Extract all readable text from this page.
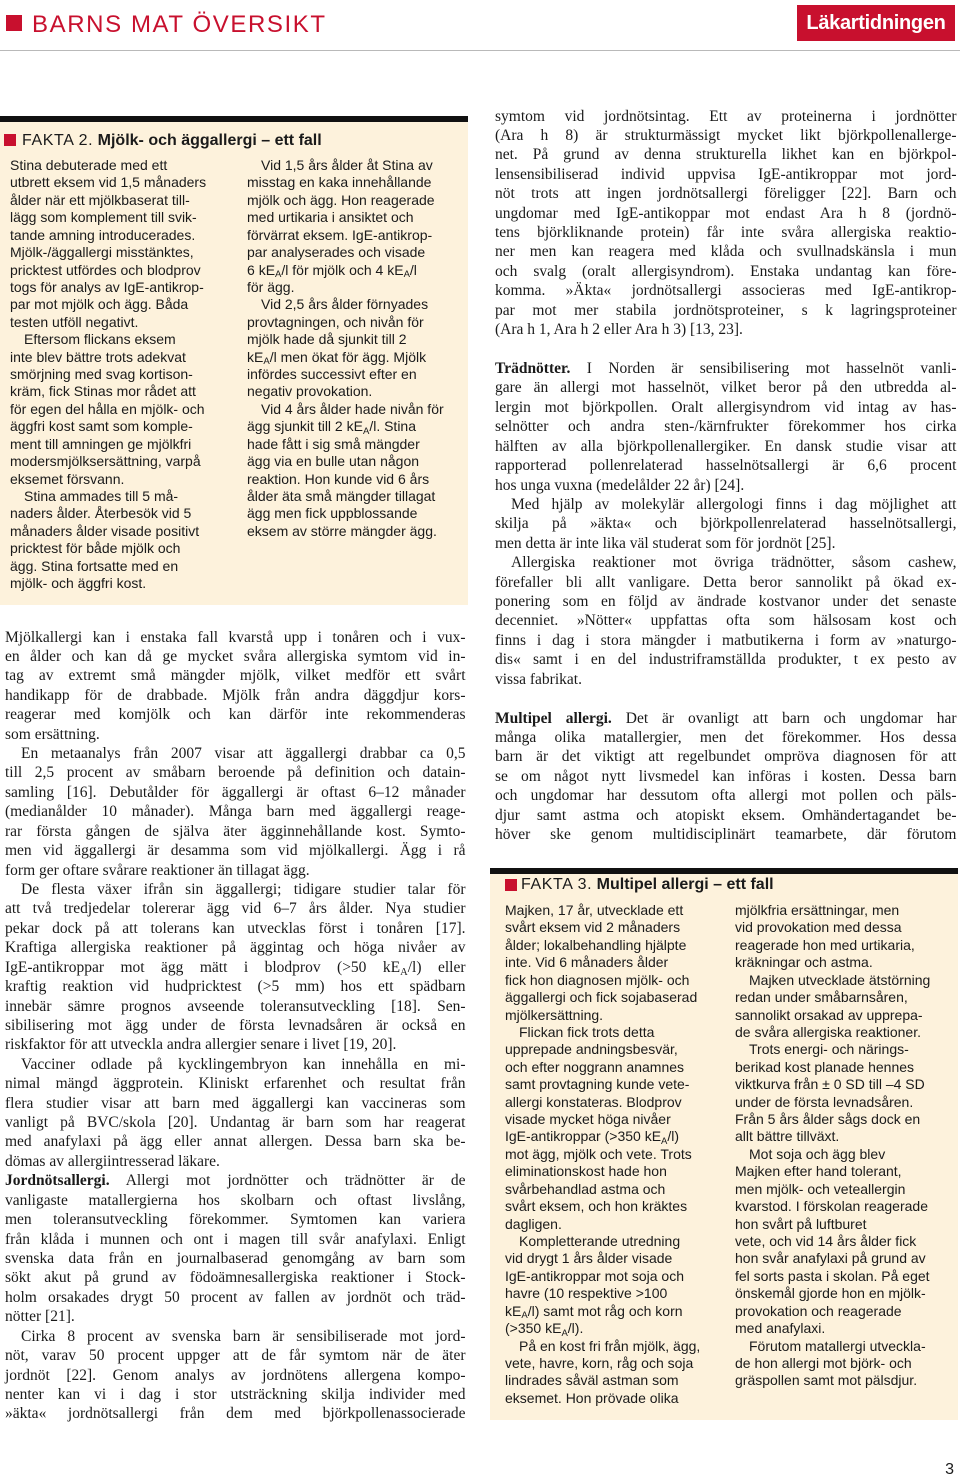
BARNS MAT ÖVERSIKT	Läkartidningen
FAKTA 2. Mjölk- och äggallergi – ett fall
Stina debuterade med ett
utbrett eksem vid 1,5 månaders
ålder när ett mjölkbaserat till-
lägg som komplement till svik-
tande amning introducerades.
Mjölk-/äggallergi misstänktes,
pricktest utfördes och blodprov
togs för analys av IgE-antikrop-
par mot mjölk och ägg. Båda
testen utföll negativt.
Eftersom flickans eksem
inte blev bättre trots adekvat
smörjning med svag kortison-
kräm, fick Stinas mor rådet att
för egen del hålla en mjölk- och
äggfri kost samt som komple-
ment till amningen ge mjölkfri
modersmjölksersättning, varpå
eksemet försvann.
Stina ammades till 5 må-
naders ålder. Återbesök vid 5
månaders ålder visade positivt
pricktest för både mjölk och
ägg. Stina fortsatte med en
mjölk- och äggfri kost.
Vid 1,5 års ålder åt Stina av
misstag en kaka innehållande
mjölk och ägg. Hon reagerade
med urtikaria i ansiktet och
förvärrat eksem. IgE-antikrop-
par analyserades och visade
6 $kE_A/l$ för mjölk och 4 $kE_A/l$
för ägg.
Vid 2,5 års ålder förnyades
provtagningen, och nivån för
mjölk hade då sjunkit till 2
$kE_A/l$ men ökat för ägg. Mjölk
infördes successivt efter en
negativ provokation.
Vid 4 års ålder hade nivån för
ägg sjunkit till 2 $kE_A/l$. Stina
hade fått i sig små mängder
ägg via en bulle utan någon
reaktion. Hon kunde vid 6 års
ålder äta små mängder tillagat
ägg men fick uppblossande
eksem av större mängder ägg.
Mjölkallergi kan i enstaka fall kvarstå upp i tonåren och i vux-
en ålder och kan då ge mycket svåra allergiska symtom vid in-
tag av extremt små mängder mjölk, vilket medför ett svårt
handikapp för de drabbade. Mjölk från andra däggdjur kors-
reagerar med komjölk och kan därför inte rekommenderas
som ersättning.
En metaanalys från 2007 visar att äggallergi drabbar ca 0,5
till 2,5 procent av småbarn beroende på definition och datain-
samling [16]. Debutålder för äggallergi är oftast 6–12 månader
(medianålder 10 månader). Många barn med äggallergi reage-
rar första gången de själva äter ägginnehållande kost. Symto-
men vid äggallergi är desamma som vid mjölkallergi. Ägg i rå
form ger oftare svårare reaktioner än tillagat ägg.
De flesta växer ifrån sin äggallergi; tidigare studier talar för
att två tredjedelar tolererar ägg vid 6–7 års ålder. Nya studier
pekar dock på att tolerans kan utvecklas först i tonåren [17].
Kraftiga allergiska reaktioner på äggintag och höga nivåer av
IgE-antikroppar mot ägg mätt i blodprov (>50 $kE_A/l$) eller
kraftig reaktion vid hudpricktest (>5 mm) hos ett spädbarn
innebär sämre prognos avseende toleransutveckling [18]. Sen-
sibilisering mot ägg under de första levnadsåren är också en
riskfaktor för att utveckla andra allergier senare i livet [19, 20].
Vacciner odlade på kycklingembryon kan innehålla en mi-
nimal mängd äggprotein. Kliniskt erfarenhet och resultat från
flera studier visar att barn med äggallergi kan vaccineras som
vanligt på BVC/skola [20]. Undantag är barn som har reagerat
med anafylaxi på ägg eller annat allergen. Dessa barn ska be-
dömas av allergiintresserad läkare.
Jordnötsallergi. Allergi mot jordnötter och trädnötter är de
vanligaste matallergierna hos skolbarn och oftast livslång,
men toleransutveckling förekommer. Symtomen kan variera
från klåda i munnen och ont i magen till svår anafylaxi. Enligt
svenska data från en journalbaserad genomgång av barn som
sökt akut på grund av födoämnesallergiska reaktioner i Stock-
holm orsakades drygt 50 procent av fallen av jordnöt och träd-
nötter [21].
Cirka 8 procent av svenska barn är sensibiliserade mot jord-
nöt, varav 50 procent uppger att de får symtom när de äter
jordnöt [22]. Genom analys av jordnötens allergena kompo-
nenter kan vi i dag i stor utsträckning skilja individer med
»äkta« jordnötsallergi från dem med björkpollenassocierade
symtom vid jordnötsintag. Ett av proteinerna i jordnötter
(Ara h 8) är strukturmässigt mycket likt björkpollenallerge-
net. På grund av denna strukturella likhet kan en björkpol-
lensensibiliserad individ uppvisa IgE-antikroppar mot jord-
nöt trots att ingen jordnötsallergi föreligger [22]. Barn och
ungdomar med IgE-antikoppar mot endast Ara h 8 (jordnö-
tens björkliknande protein) får inte svåra allergiska reaktio-
ner men kan reagera med klåda och svullnadskänsla i mun
och svalg (oralt allergisyndrom). Enstaka undantag kan före-
komma. »Äkta« jordnötsallergi associeras med IgE-antikrop-
par mot mer stabila jordnötsproteiner, s k lagringsproteiner
(Ara h 1, Ara h 2 eller Ara h 3) [13, 23].
Trädnötter. I Norden är sensibilisering mot hasselnöt vanli-
gare än allergi mot hasselnöt, vilket beror på den utbredda al-
lergin mot björkpollen. Oralt allergisyndrom vid intag av has-
selnötter och andra sten-/kärnfrukter förekommer hos cirka
hälften av alla björkpollenallergiker. En dansk studie visar att
rapporterad pollenrelaterad hasselnötsallergi är 6,6 procent
hos unga vuxna (medelålder 22 år) [24].
Med hjälp av molekylär allergologi finns i dag möjlighet att
skilja på »äkta« och björkpollenrelaterad hasselnötsallergi,
men detta är inte lika väl studerat som för jordnöt [25].
Allergiska reaktioner mot övriga trädnötter, såsom cashew,
förefaller bli allt vanligare. Detta beror sannolikt på ökad ex-
ponering som en följd av ändrade kostvanor under det senaste
decenniet. »Nötter« uppfattas ofta som hälsosam kost och
finns i dag i stora mängder i matbutikerna i form av »naturgo-
dis« samt i en del industriframställda produkter, t ex pesto av
vissa fabrikat.
Multipel allergi. Det är ovanligt att barn och ungdomar har
många olika matallergier, men det förekommer. Hos dessa
barn är det viktigt att regelbundet ompröva diagnosen för att
se om något nytt livsmedel kan införas i kosten. Dessa barn
och ungdomar har dessutom ofta allergi mot pollen och päls-
djur samt astma och atopiskt eksem. Omhändertagandet be-
höver ske genom multidisciplinärt teamarbete, där förutom
FAKTA 3. Multipel allergi – ett fall
Majken, 17 år, utvecklade ett
svårt eksem vid 2 månaders
ålder; lokalbehandling hjälpte
inte. Vid 6 månaders ålder
fick hon diagnosen mjölk- och
äggallergi och fick sojabaserad
mjölkersättning.
Flickan fick trots detta
upprepade andningsbesvär,
och efter noggrann anamnes
samt provtagning kunde vete-
allergi konstateras. Blodprov
visade mycket höga nivåer
IgE-antikroppar (>350 $kE_A/l$)
mot ägg, mjölk och vete. Trots
eliminationskost hade hon
svårbehandlad astma och
svårt eksem, och hon kräktes
dagligen.
Kompletterande utredning
vid drygt 1 års ålder visade
IgE-antikroppar mot soja och
havre (10 respektive >100
$kE_A/l$) samt mot råg och korn
(>350 $kE_A/l$).
På en kost fri från mjölk, ägg,
vete, havre, korn, råg och soja
lindrades såväl astman som
eksemet. Hon prövade olika
mjölkfria ersättningar, men
vid provokation med dessa
reagerade hon med urtikaria,
kräkningar och astma.
Majken utvecklade ätstörning
redan under småbarnsåren,
sannolikt orsakad av upprepa-
de svåra allergiska reaktioner.
Trots energi- och närings-
berikad kost planade hennes
viktkurva från ± 0 SD till –4 SD
under de första levnadsåren.
Från 5 års ålder sågs dock en
allt bättre tillväxt.
Mot soja och ägg blev
Majken efter hand tolerant,
men mjölk- och veteallergin
kvarstod. I förskolan reagerade
hon svårt på luftburet
vete, och vid 14 års ålder fick
hon svår anafylaxi på grund av
fel sorts pasta i skolan. På eget
önskemål gjorde hon en mjölk-
provokation och reagerade
med anafylaxi.
Förutom matallergi utveckla-
de hon allergi mot björk- och
gräspollen samt mot pälsdjur.
3
